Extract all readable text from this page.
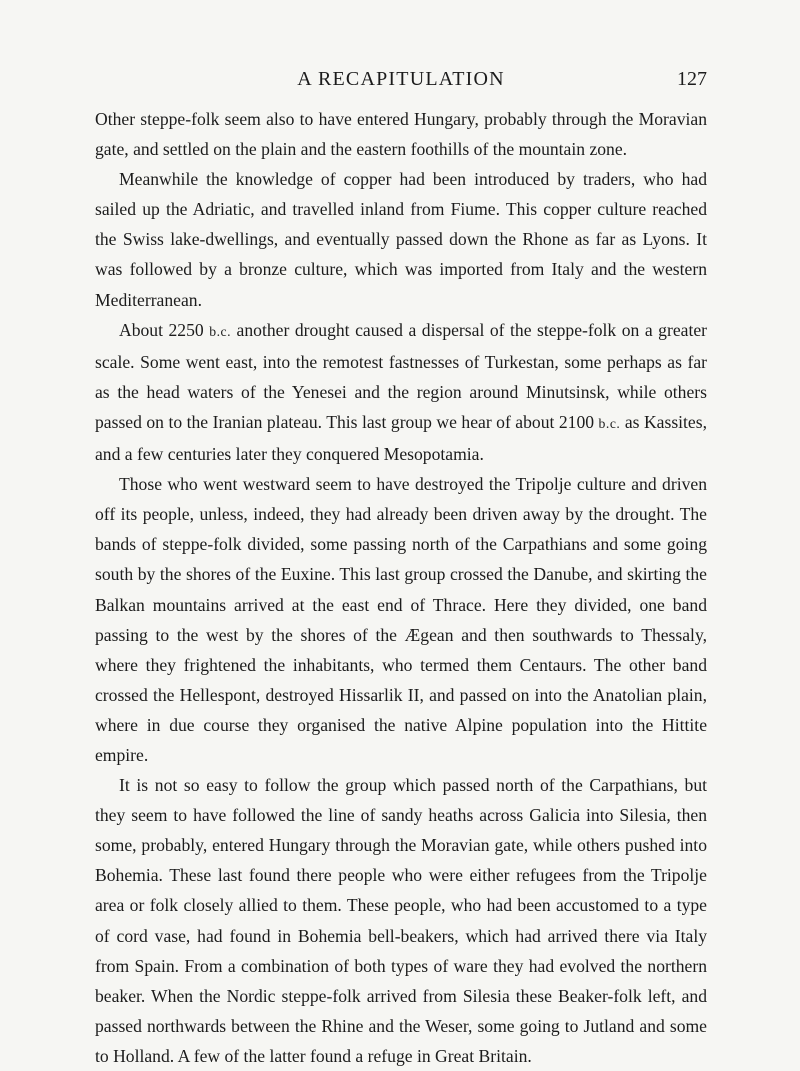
A RECAPITULATION	127

Other steppe-folk seem also to have entered Hungary, probably through the Moravian gate, and settled on the plain and the eastern foothills of the mountain zone.

Meanwhile the knowledge of copper had been introduced by traders, who had sailed up the Adriatic, and travelled inland from Fiume. This copper culture reached the Swiss lake-dwellings, and eventually passed down the Rhone as far as Lyons. It was followed by a bronze culture, which was imported from Italy and the western Mediterranean.

About 2250 b.c. another drought caused a dispersal of the steppe-folk on a greater scale. Some went east, into the remotest fastnesses of Turkestan, some perhaps as far as the head waters of the Yenesei and the region around Minutsinsk, while others passed on to the Iranian plateau. This last group we hear of about 2100 b.c. as Kassites, and a few centuries later they conquered Mesopotamia.

Those who went westward seem to have destroyed the Tripolje culture and driven off its people, unless, indeed, they had already been driven away by the drought. The bands of steppe-folk divided, some passing north of the Carpathians and some going south by the shores of the Euxine. This last group crossed the Danube, and skirting the Balkan mountains arrived at the east end of Thrace. Here they divided, one band passing to the west by the shores of the Ægean and then southwards to Thessaly, where they frightened the inhabitants, who termed them Centaurs. The other band crossed the Hellespont, destroyed Hissarlik II, and passed on into the Anatolian plain, where in due course they organised the native Alpine population into the Hittite empire.

It is not so easy to follow the group which passed north of the Carpathians, but they seem to have followed the line of sandy heaths across Galicia into Silesia, then some, probably, entered Hungary through the Moravian gate, while others pushed into Bohemia. These last found there people who were either refugees from the Tripolje area or folk closely allied to them. These people, who had been accustomed to a type of cord vase, had found in Bohemia bell-beakers, which had arrived there via Italy from Spain. From a combination of both types of ware they had evolved the northern beaker. When the Nordic steppe-folk arrived from Silesia these Beaker-folk left, and passed northwards between the Rhine and the Weser, some going to Jutland and some to Holland. A few of the latter found a refuge in Great Britain.
